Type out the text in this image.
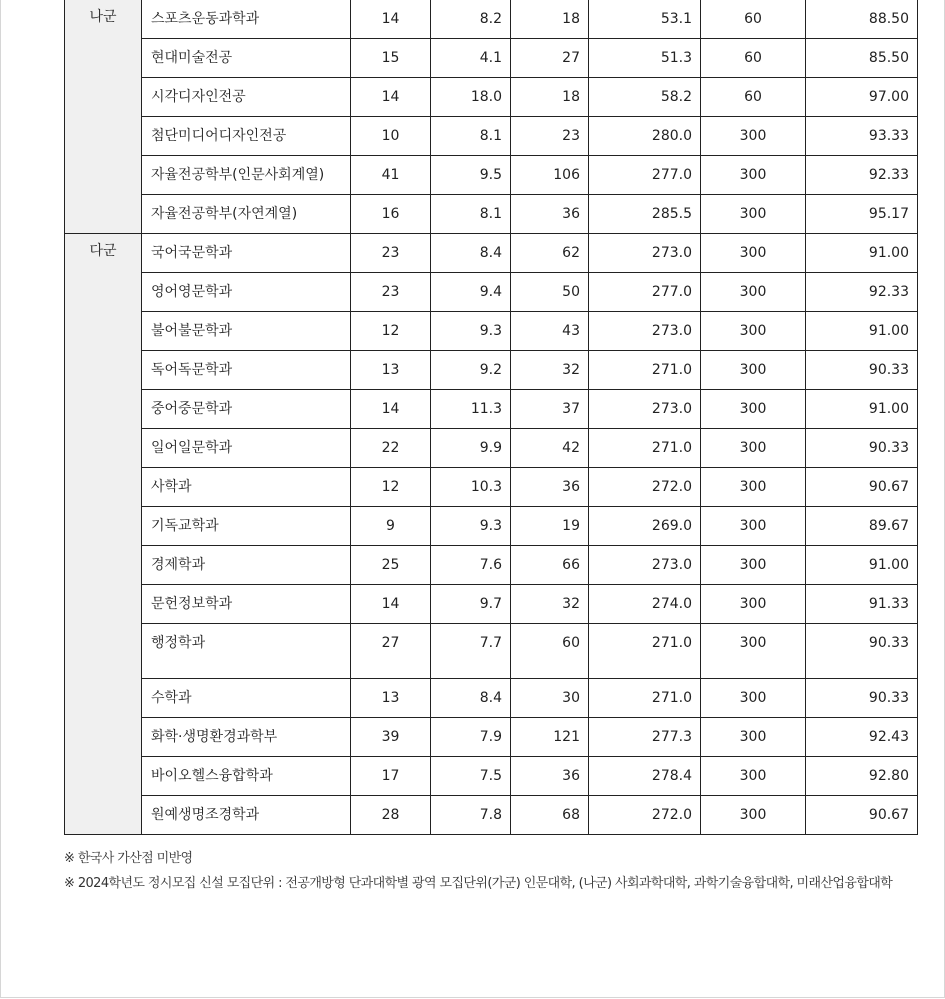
나군	스포츠운동과학과	14	8.2	18	53.1	60	88.50
	현대미술전공	15	4.1	27	51.3	60	85.50
	시각디자인전공	14	18.0	18	58.2	60	97.00
	첨단미디어디자인전공	10	8.1	23	280.0	300	93.33
	자율전공학부(인문사회계열)	41	9.5	106	277.0	300	92.33
	자율전공학부(자연계열)	16	8.1	36	285.5	300	95.17

다군	국어국문학과	23	8.4	62	273.0	300	91.00
	영어영문학과	23	9.4	50	277.0	300	92.33
	불어불문학과	12	9.3	43	273.0	300	91.00
	독어독문학과	13	9.2	32	271.0	300	90.33
	중어중문학과	14	11.3	37	273.0	300	91.00
	일어일문학과	22	9.9	42	271.0	300	90.33
	사학과	12	10.3	36	272.0	300	90.67
	기독교학과	9	9.3	19	269.0	300	89.67
	경제학과	25	7.6	66	273.0	300	91.00
	문헌정보학과	14	9.7	32	274.0	300	91.33
	행정학과	27	7.7	60	271.0	300	90.33
	수학과	13	8.4	30	271.0	300	90.33
	화학·생명환경과학부	39	7.9	121	277.3	300	92.43
	바이오헬스융합학과	17	7.5	36	278.4	300	92.80
	원예생명조경학과	28	7.8	68	272.0	300	90.67

※ 한국사 가산점 미반영

※ 2024학년도 정시모집 신설 모집단위 : 전공개방형 단과대학별 광역 모집단위(가군) 인문대학, (나군) 사회과학대학, 과학기술융합대학, 미래산업융합대학
